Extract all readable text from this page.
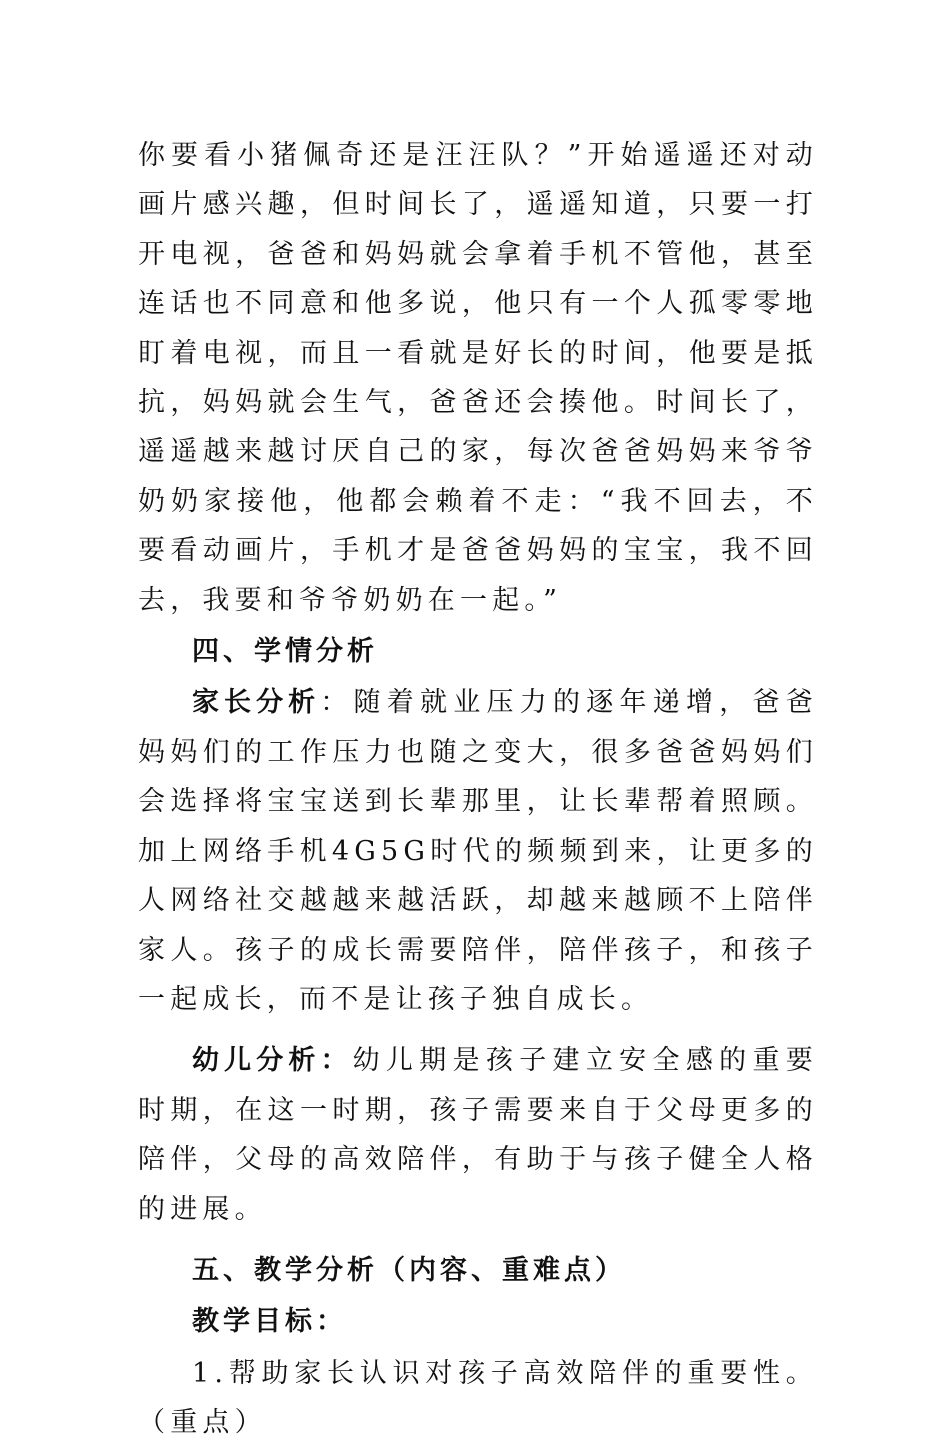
你要看小猪佩奇还是汪汪队？”开始遥遥还对动画片感兴趣，但时间长了，遥遥知道，只要一打开电视，爸爸和妈妈就会拿着手机不管他，甚至连话也不同意和他多说，他只有一个人孤零零地盯着电视，而且一看就是好长的时间，他要是抵抗，妈妈就会生气，爸爸还会揍他。时间长了，遥遥越来越讨厌自己的家，每次爸爸妈妈来爷爷奶奶家接他，他都会赖着不走：“我不回去，不要看动画片，手机才是爸爸妈妈的宝宝，我不回去，我要和爷爷奶奶在一起。”

四、学情分析

家长分析：随着就业压力的逐年递增，爸爸妈妈们的工作压力也随之变大，很多爸爸妈妈们会选择将宝宝送到长辈那里，让长辈帮着照顾。加上网络手机4G5G时代的频频到来，让更多的人网络社交越越来越活跃，却越来越顾不上陪伴家人。孩子的成长需要陪伴，陪伴孩子，和孩子一起成长，而不是让孩子独自成长。

幼儿分析：幼儿期是孩子建立安全感的重要时期，在这一时期，孩子需要来自于父母更多的陪伴，父母的高效陪伴，有助于与孩子健全人格的进展。

五、教学分析（内容、重难点）

教学目标：

1.帮助家长认识对孩子高效陪伴的重要性。（重点）
